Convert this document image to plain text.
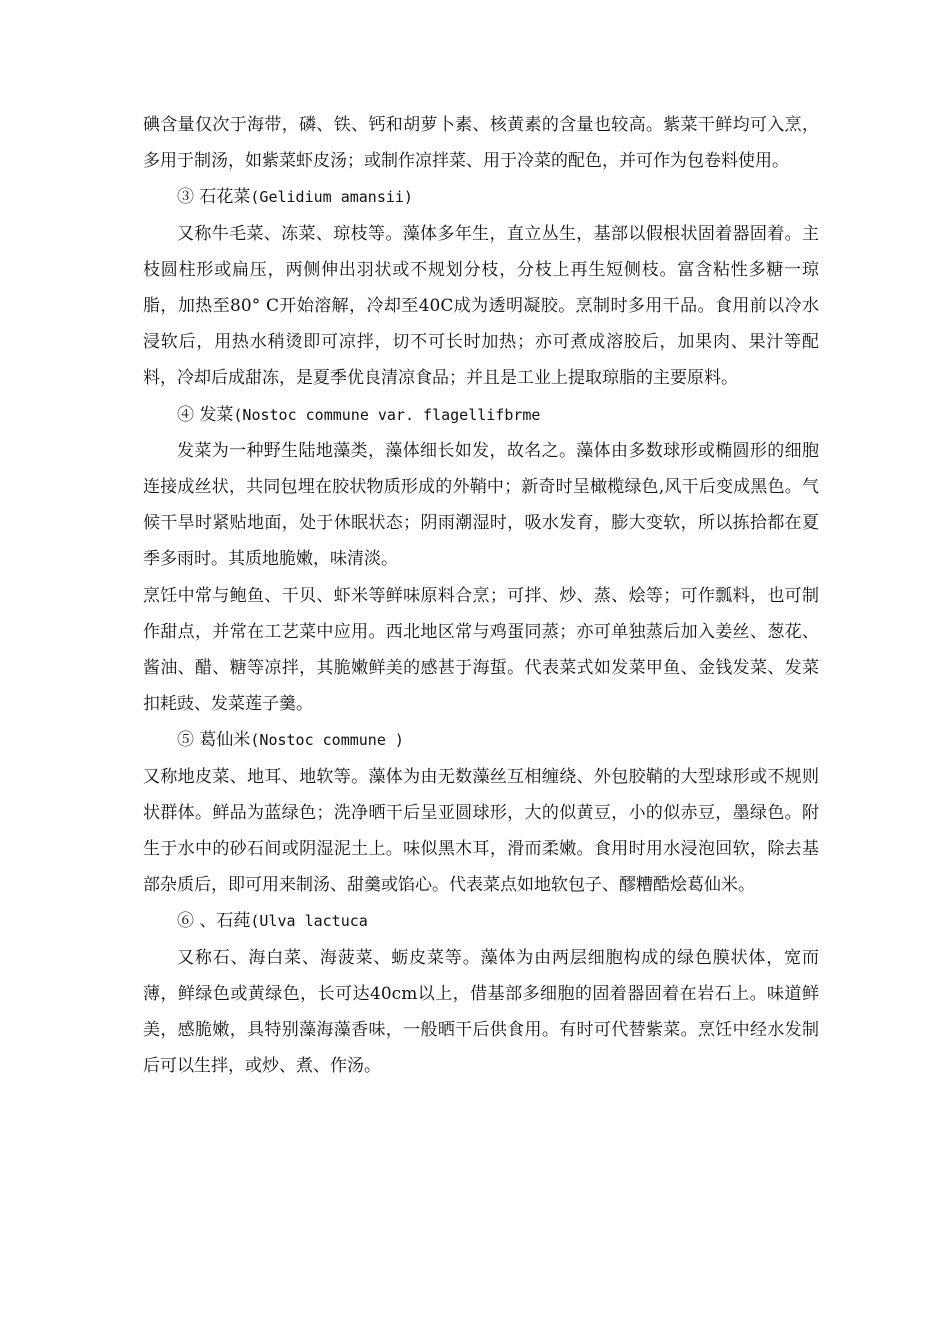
碘含量仅次于海带，磷、铁、钙和胡萝卜素、核黄素的含量也较高。紫菜干鲜均可入烹，多用于制汤，如紫菜虾皮汤；或制作凉拌菜、用于冷菜的配色，并可作为包卷料使用。

③ 石花菜(Gelidium amansii)

又称牛毛菜、冻菜、琼枝等。藻体多年生，直立丛生，基部以假根状固着器固着。主枝圆柱形或扁压，两侧伸出羽状或不规划分枝，分枝上再生短侧枝。富含粘性多糖一琼脂，加热至80° C开始溶解，冷却至40C成为透明凝胶。烹制时多用干品。食用前以冷水浸软后，用热水稍烫即可凉拌，切不可长时加热；亦可煮成溶胶后，加果肉、果汁等配料，冷却后成甜冻，是夏季优良清凉食品；并且是工业上提取琼脂的主要原料。

④ 发菜(Nostoc commune var. flagellifbrme

发菜为一种野生陆地藻类，藻体细长如发，故名之。藻体由多数球形或椭圆形的细胞连接成丝状，共同包埋在胶状物质形成的外鞘中；新奇时呈橄榄绿色,风干后变成黑色。气候干旱时紧贴地面，处于休眠状态；阴雨潮湿时，吸水发育，膨大变软，所以拣拾都在夏季多雨时。其质地脆嫩，味清淡。

烹饪中常与鲍鱼、干贝、虾米等鲜味原料合烹；可拌、炒、蒸、烩等；可作瓢料，也可制作甜点，并常在工艺菜中应用。西北地区常与鸡蛋同蒸；亦可单独蒸后加入姜丝、葱花、酱油、醋、糖等凉拌，其脆嫩鲜美的感甚于海蜇。代表菜式如发菜甲鱼、金钱发菜、发菜扣耗豉、发菜莲子羹。

⑤ 葛仙米(Nostoc commune )

又称地皮菜、地耳、地软等。藻体为由无数藻丝互相缠绕、外包胶鞘的大型球形或不规则状群体。鲜品为蓝绿色；洗净晒干后呈亚圆球形，大的似黄豆，小的似赤豆，墨绿色。附生于水中的砂石间或阴湿泥土上。味似黑木耳，滑而柔嫩。食用时用水浸泡回软，除去基部杂质后，即可用来制汤、甜羹或馅心。代表菜点如地软包子、醪糟酷烩葛仙米。

⑥ 、石莼(Ulva lactuca

又称石、海白菜、海菠菜、蛎皮菜等。藻体为由两层细胞构成的绿色膜状体，宽而薄，鲜绿色或黄绿色，长可达40cm以上，借基部多细胞的固着器固着在岩石上。味道鲜美，感脆嫩，具特别藻海藻香味，一般晒干后供食用。有时可代替紫菜。烹饪中经水发制后可以生拌，或炒、煮、作汤。
